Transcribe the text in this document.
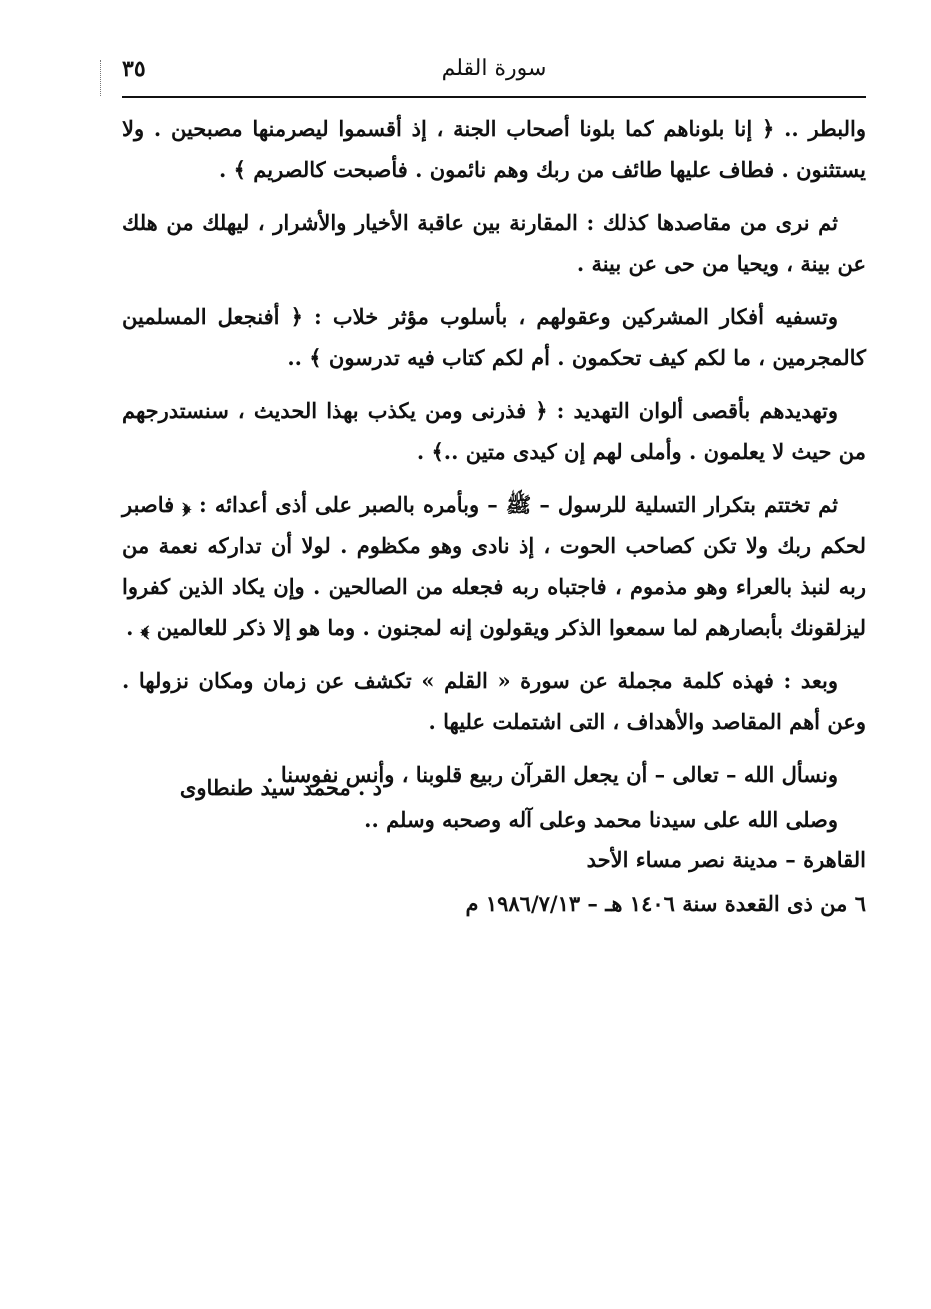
٣٥	سورة القلم

والبطر .. ﴿ إنا بلوناهم كما بلونا أصحاب الجنة ، إذ أقسموا ليصرمنها مصبحين . ولا يستثنون . فطاف عليها طائف من ربك وهم نائمون . فأصبحت كالصريم ﴾ .

ثم نرى من مقاصدها كذلك : المقارنة بين عاقبة الأخيار والأشرار ، ليهلك من هلك عن بينة ، ويحيا من حى عن بينة .

وتسفيه أفكار المشركين وعقولهم ، بأسلوب مؤثر خلاب : ﴿ أفنجعل المسلمين كالمجرمين ، ما لكم كيف تحكمون . أم لكم كتاب فيه تدرسون ﴾ ..

وتهديدهم بأقصى ألوان التهديد : ﴿ فذرنى ومن يكذب بهذا الحديث ، سنستدرجهم من حيث لا يعلمون . وأملى لهم إن كيدى متين ..﴾ .

ثم تختتم بتكرار التسلية للرسول – ﷺ – وبأمره بالصبر على أذى أعدائه : ﴿ فاصبر لحكم ربك ولا تكن كصاحب الحوت ، إذ نادى وهو مكظوم . لولا أن تداركه نعمة من ربه لنبذ بالعراء وهو مذموم ، فاجتباه ربه فجعله من الصالحين . وإن يكاد الذين كفروا ليزلقونك بأبصارهم لما سمعوا الذكر ويقولون إنه لمجنون . وما هو إلا ذكر للعالمين ﴾ .

وبعد : فهذه كلمة مجملة عن سورة « القلم » تكشف عن زمان ومكان نزولها . وعن أهم المقاصد والأهداف ، التى اشتملت عليها .

ونسأل الله – تعالى – أن يجعل القرآن ربيع قلوبنا ، وأنس نفوسنا .

وصلى الله على سيدنا محمد وعلى آله وصحبه وسلم ..

د . محمد سيد طنطاوى
القاهرة – مدينة نصر مساء الأحد
٦ من ذى القعدة سنة ١٤٠٦ هـ – ١٩٨٦/٧/١٣ م
